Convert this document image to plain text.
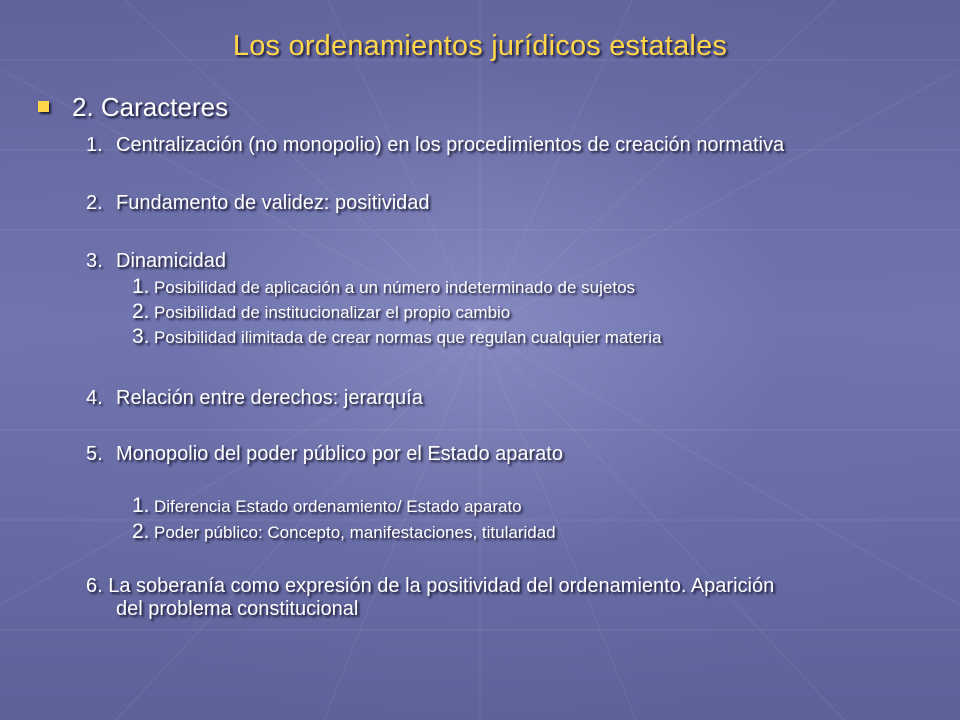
Los ordenamientos jurídicos estatales
2. Caracteres
1. Centralización (no monopolio) en los procedimientos de creación normativa
2. Fundamento de validez: positividad
3. Dinamicidad
1. Posibilidad de aplicación a un número indeterminado de sujetos
2. Posibilidad de institucionalizar el propio cambio
3. Posibilidad ilimitada de crear normas que regulan cualquier materia
4. Relación entre derechos: jerarquía
5. Monopolio del poder público por el Estado aparato
1. Diferencia Estado ordenamiento/ Estado aparato
2. Poder público: Concepto, manifestaciones, titularidad
6. La soberanía como expresión de la positividad del ordenamiento. Aparición
del problema constitucional
